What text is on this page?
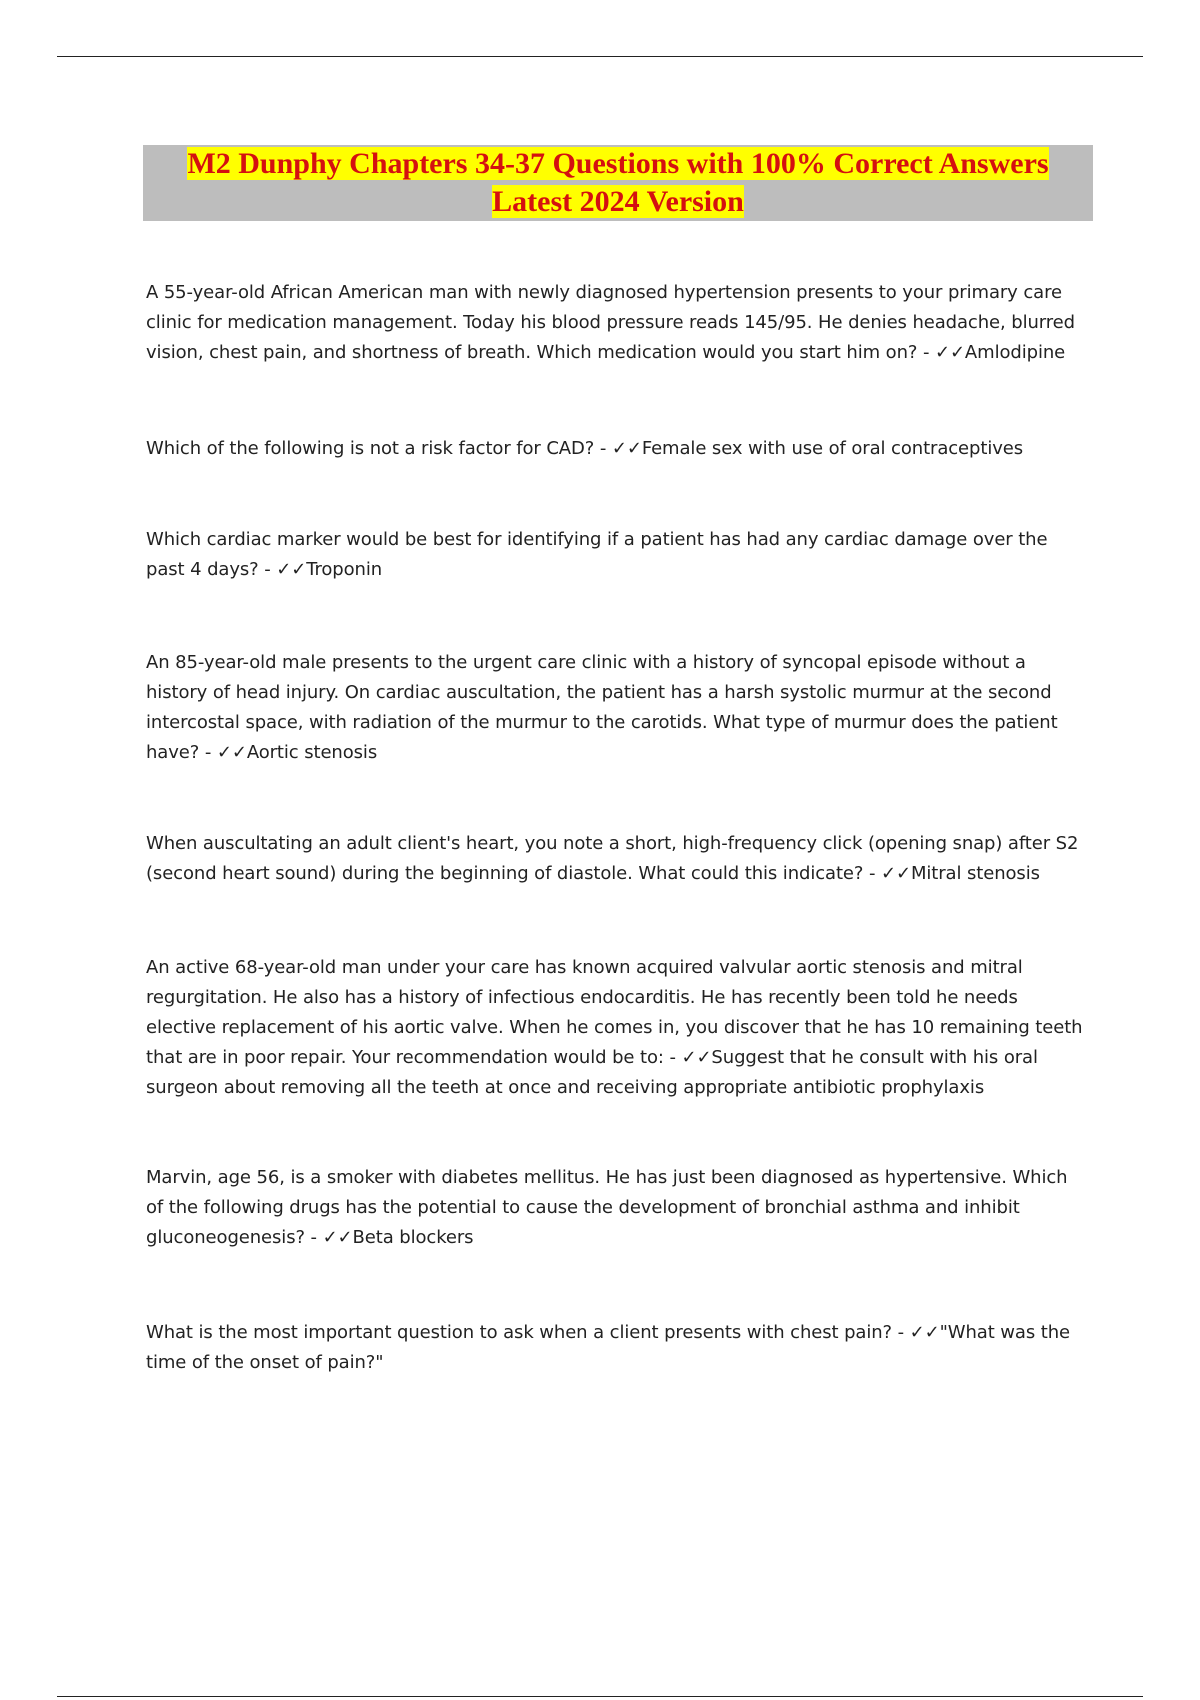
M2 Dunphy Chapters 34-37 Questions with 100% Correct Answers
Latest 2024 Version

A 55-year-old African American man with newly diagnosed hypertension presents to your primary care clinic for medication management. Today his blood pressure reads 145/95. He denies headache, blurred vision, chest pain, and shortness of breath. Which medication would you start him on? - ✓✓Amlodipine

Which of the following is not a risk factor for CAD? - ✓✓Female sex with use of oral contraceptives

Which cardiac marker would be best for identifying if a patient has had any cardiac damage over the past 4 days? - ✓✓Troponin

An 85-year-old male presents to the urgent care clinic with a history of syncopal episode without a history of head injury. On cardiac auscultation, the patient has a harsh systolic murmur at the second intercostal space, with radiation of the murmur to the carotids. What type of murmur does the patient have? - ✓✓Aortic stenosis

When auscultating an adult client's heart, you note a short, high-frequency click (opening snap) after S2 (second heart sound) during the beginning of diastole. What could this indicate? - ✓✓Mitral stenosis

An active 68-year-old man under your care has known acquired valvular aortic stenosis and mitral regurgitation. He also has a history of infectious endocarditis. He has recently been told he needs elective replacement of his aortic valve. When he comes in, you discover that he has 10 remaining teeth that are in poor repair. Your recommendation would be to: - ✓✓Suggest that he consult with his oral surgeon about removing all the teeth at once and receiving appropriate antibiotic prophylaxis

Marvin, age 56, is a smoker with diabetes mellitus. He has just been diagnosed as hypertensive. Which of the following drugs has the potential to cause the development of bronchial asthma and inhibit gluconeogenesis? - ✓✓Beta blockers

What is the most important question to ask when a client presents with chest pain? - ✓✓"What was the time of the onset of pain?"
